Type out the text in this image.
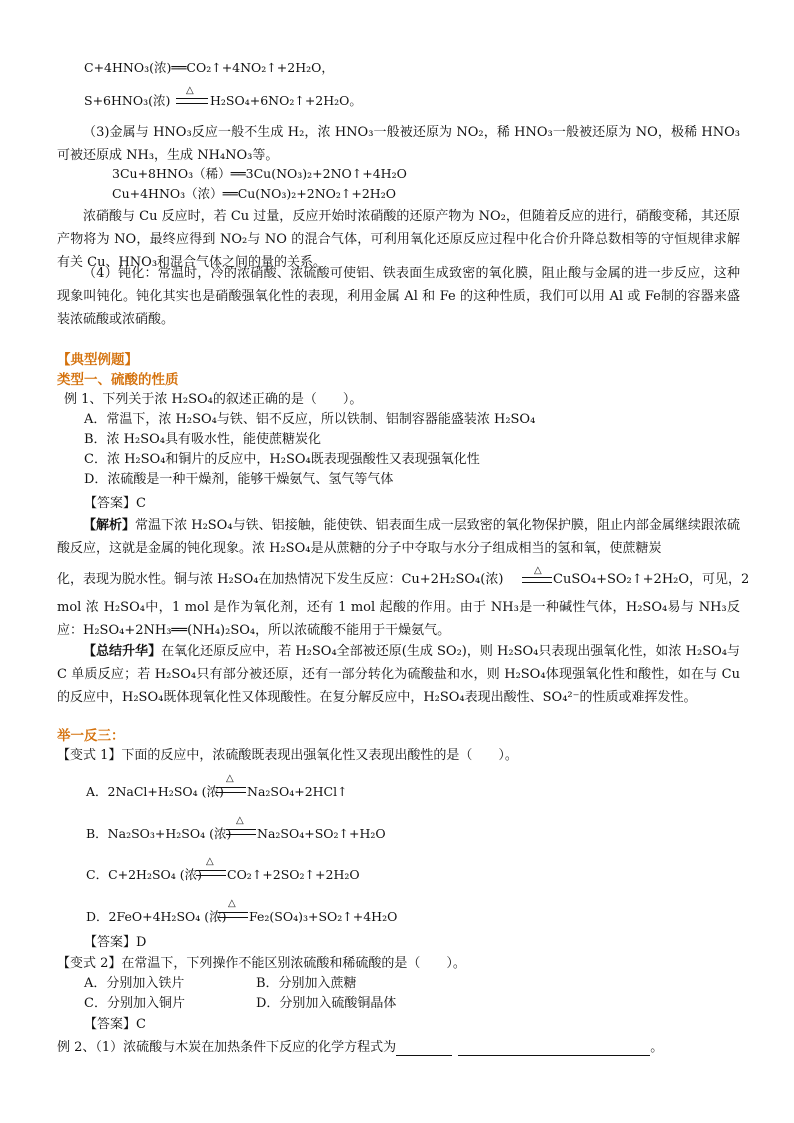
C+4HNO₃(浓)══CO₂↑+4NO₂↑+2H₂O，
△
S+6HNO₃(浓)	H₂SO₄+6NO₂↑+2H₂O。
（3)金属与 HNO₃反应一般不生成 H₂，浓 HNO₃一般被还原为 NO₂，稀 HNO₃一般被还原为 NO，极稀 HNO₃可被还原成 NH₃，生成 NH₄NO₃等。
3Cu+8HNO₃（稀）══3Cu(NO₃)₂+2NO↑+4H₂O
Cu+4HNO₃（浓）══Cu(NO₃)₂+2NO₂↑+2H₂O
浓硝酸与 Cu 反应时，若 Cu 过量，反应开始时浓硝酸的还原产物为 NO₂，但随着反应的进行，硝酸变稀，其还原产物将为 NO，最终应得到 NO₂与 NO 的混合气体，可利用氧化还原反应过程中化合价升降总数相等的守恒规律求解有关 Cu、HNO₃和混合气体之间的量的关系。
（4）钝化：常温时，冷的浓硝酸、浓硫酸可使铝、铁表面生成致密的氧化膜，阻止酸与金属的进一步反应，这种现象叫钝化。钝化其实也是硝酸强氧化性的表现，利用金属 Al 和 Fe 的这种性质，我们可以用 Al 或 Fe制的容器来盛装浓硫酸或浓硝酸。
【典型例题】
类型一、硫酸的性质
例 1、下列关于浓 H₂SO₄的叙述正确的是（　　）。
A．常温下，浓 H₂SO₄与铁、铝不反应，所以铁制、铝制容器能盛装浓 H₂SO₄
B．浓 H₂SO₄具有吸水性，能使蔗糖炭化
C．浓 H₂SO₄和铜片的反应中，H₂SO₄既表现强酸性又表现强氧化性
D．浓硫酸是一种干燥剂，能够干燥氨气、氢气等气体
【答案】C
【解析】常温下浓 H₂SO₄与铁、铝接触，能使铁、铝表面生成一层致密的氧化物保护膜，阻止内部金属继续跟浓硫酸反应，这就是金属的钝化现象。浓 H₂SO₄是从蔗糖的分子中夺取与水分子组成相当的氢和氧，使蔗糖炭
化，表现为脱水性。铜与浓 H₂SO₄在加热情况下发生反应：Cu+2H₂SO₄(浓)
△
CuSO₄+SO₂↑+2H₂O，可见，2
mol 浓 H₂SO₄中，1 mol 是作为氧化剂，还有 1 mol 起酸的作用。由于 NH₃是一种碱性气体，H₂SO₄易与 NH₃反应：H₂SO₄+2NH₃══(NH₄)₂SO₄，所以浓硫酸不能用于干燥氨气。
【总结升华】在氧化还原反应中，若 H₂SO₄全部被还原(生成 SO₂)，则 H₂SO₄只表现出强氧化性，如浓 H₂SO₄与 C 单质反应；若 H₂SO₄只有部分被还原，还有一部分转化为硫酸盐和水，则 H₂SO₄体现强氧化性和酸性，如在与 Cu 的反应中，H₂SO₄既体现氧化性又体现酸性。在复分解反应中，H₂SO₄表现出酸性、SO₄²⁻的性质或难挥发性。
举一反三：
【变式 1】下面的反应中，浓硫酸既表现出强氧化性又表现出酸性的是（　　）。
A．2NaCl+H₂SO₄ (浓)
△
Na₂SO₄+2HCl↑
B．Na₂SO₃+H₂SO₄ (浓)
△
Na₂SO₄+SO₂↑+H₂O
C．C+2H₂SO₄ (浓)
△
CO₂↑+2SO₂↑+2H₂O
D．2FeO+4H₂SO₄ (浓)
△
Fe₂(SO₄)₃+SO₂↑+4H₂O
【答案】D
【变式 2】在常温下，下列操作不能区别浓硫酸和稀硫酸的是（　　）。
A．分别加入铁片	B．分别加入蔗糖
C．分别加入铜片	D．分别加入硫酸铜晶体
【答案】C
例 2、（1）浓硫酸与木炭在加热条件下反应的化学方程式为	。
